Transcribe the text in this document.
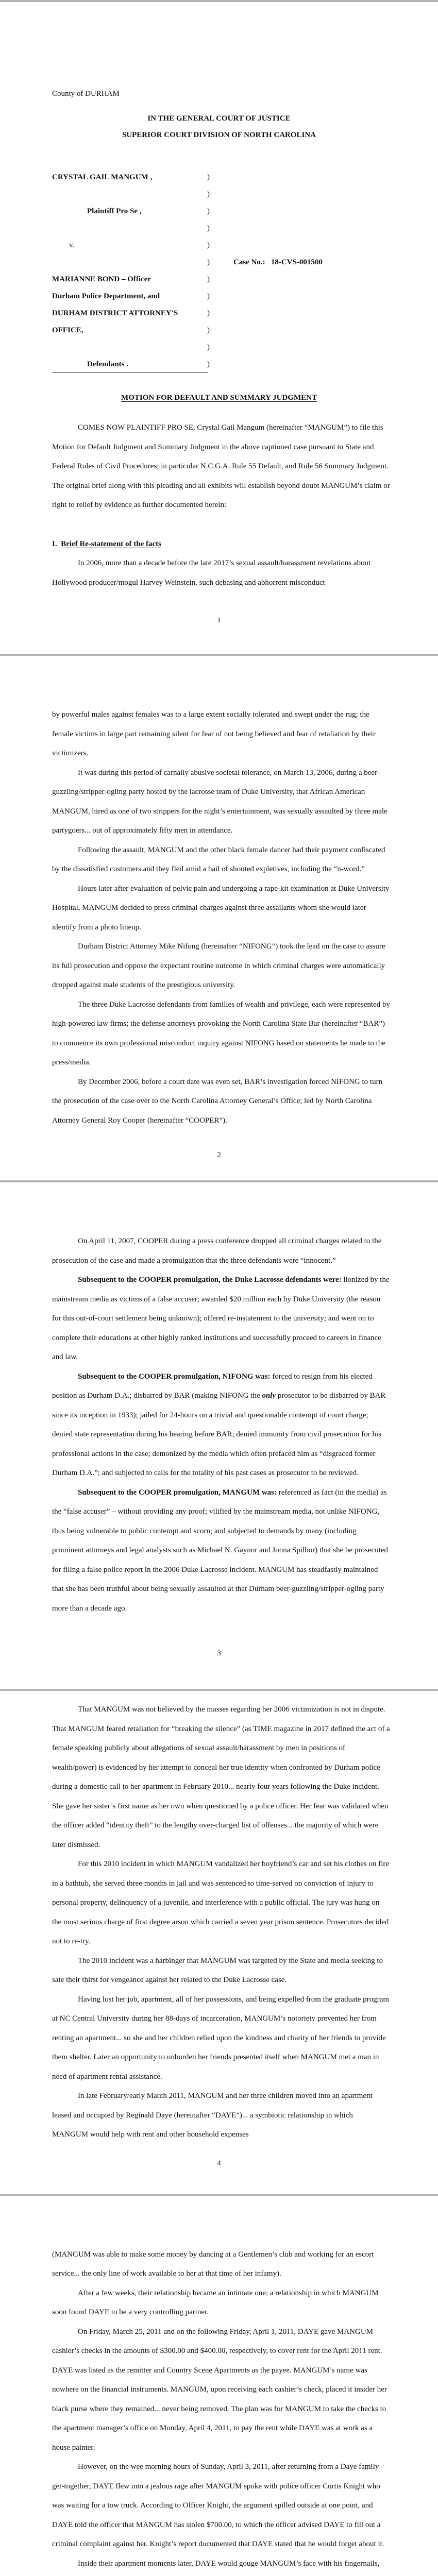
County of DURHAM
IN THE GENERAL COURT OF JUSTICE
SUPERIOR COURT DIVISION OF NORTH CAROLINA
CRYSTAL GAIL MANGUM ,
Plaintiff Pro Se ,
v.
MARIANNE BOND – Officer
Durham Police Department, and
DURHAM DISTRICT ATTORNEY'S
OFFICE,
Defendants .
)
)
)
)
)
)
)
)
)
)
)
)
Case No.: 18-CVS-001500
MOTION FOR DEFAULT AND SUMMARY JUDGMENT

COMES NOW PLAINTIFF PRO SE, Crystal Gail Mangum (hereinafter “MANGUM”) to file this Motion for Default Judgment and Summary Judgment in the above captioned case pursuant to State and Federal Rules of Civil Procedures; in particular N.C.G.A. Rule 55 Default, and Rule 56 Summary Judgment. The original brief along with this pleading and all exhibits will establish beyond doubt MANGUM’s claim or right to relief by evidence as further documented herein:

I. Brief Re-statement of the facts

In 2006, more than a decade before the late 2017’s sexual assault/harassment revelations about Hollywood producer/mogul Harvey Weinstein, such debasing and abhorrent misconduct

1

by powerful males against females was to a large extent socially tolerated and swept under the rug; the female victims in large part remaining silent for fear of not being believed and fear of retaliation by their victimizers.

It was during this period of carnally abusive societal tolerance, on March 13, 2006, during a beer-guzzling/stripper-ogling party hosted by the lacrosse team of Duke University, that African American MANGUM, hired as one of two strippers for the night’s entertainment, was sexually assaulted by three male partygoers... out of approximately fifty men in attendance.

Following the assault, MANGUM and the other black female dancer had their payment confiscated by the dissatisfied customers and they fled amid a hail of shouted expletives, including the “n-word.”

Hours later after evaluation of pelvic pain and undergoing a rape-kit examination at Duke University Hospital, MANGUM decided to press criminal charges against three assailants whom she would later identify from a photo lineup.

Durham District Attorney Mike Nifong (hereinafter “NIFONG”) took the lead on the case to assure its full prosecution and oppose the expectant routine outcome in which criminal charges were automatically dropped against male students of the prestigious university.

The three Duke Lacrosse defendants from families of wealth and privilege, each were represented by high-powered law firms; the defense attorneys provoking the North Carolina State Bar (hereinafter “BAR”) to commence its own professional misconduct inquiry against NIFONG based on statements he made to the press/media.

By December 2006, before a court date was even set, BAR’s investigation forced NIFONG to turn the prosecution of the case over to the North Carolina Attorney General’s Office; led by North Carolina Attorney General Roy Cooper (hereinafter “COOPER”).

2

On April 11, 2007, COOPER during a press conference dropped all criminal charges related to the prosecution of the case and made a promulgation that the three defendants were “innocent.”

Subsequent to the COOPER promulgation, the Duke Lacrosse defendants were: lionized by the mainstream media as victims of a false accuser; awarded $20 million each by Duke University (the reason for this out-of-court settlement being unknown); offered re-instatement to the university; and went on to complete their educations at other highly ranked institutions and successfully proceed to careers in finance and law.

Subsequent to the COOPER promulgation, NIFONG was: forced to resign from his elected position as Durham D.A.; disbarred by BAR (making NIFONG the only prosecutor to be disbarred by BAR since its inception in 1933); jailed for 24-hours on a trivial and questionable contempt of court charge; denied state representation during his hearing before BAR; denied immunity from civil prosecution for his professional actions in the case; demonized by the media which often prefaced him as “disgraced former Durham D.A.”; and subjected to calls for the totality of his past cases as prosecutor to be reviewed.

Subsequent to the COOPER promulgation, MANGUM was: referenced as fact (in the media) as the “false accuser” – without providing any proof; vilified by the mainstream media, not unlike NIFONG, thus being vulnerable to public contempt and scorn; and subjected to demands by many (including prominent attorneys and legal analysts such as Michael N. Gaynor and Jonna Spilbor) that she be prosecuted for filing a false police report in the 2006 Duke Lacrosse incident. MANGUM has steadfastly maintained that she has been truthful about being sexually assaulted at that Durham beer-guzzling/stripper-ogling party more than a decade ago.

3

That MANGUM was not believed by the masses regarding her 2006 victimization is not in dispute. That MANGUM feared retaliation for “breaking the silence” (as TIME magazine in 2017 defined the act of a female speaking publicly about allegations of sexual assault/harassment by men in positions of wealth/power) is evidenced by her attempt to conceal her true identity when confronted by Durham police during a domestic call to her apartment in February 2010... nearly four years following the Duke incident. She gave her sister’s first name as her own when questioned by a police officer. Her fear was validated when the officer added “identity theft” to the lengthy over-charged list of offenses... the majority of which were later dismissed.

For this 2010 incident in which MANGUM vandalized her boyfriend’s car and set his clothes on fire in a bathtub, she served three months in jail and was sentenced to time-served on conviction of injury to personal property, delinquency of a juvenile, and interference with a public official. The jury was hung on the most serious charge of first degree arson which carried a seven year prison sentence. Prosecutors decided not to re-try.

The 2010 incident was a harbinger that MANGUM was targeted by the State and media seeking to sate their thirst for vengeance against her related to the Duke Lacrosse case.

Having lost her job, apartment, all of her possessions, and being expelled from the graduate program at NC Central University during her 88-days of incarceration, MANGUM’s notoriety prevented her from renting an apartment... so she and her children relied upon the kindness and charity of her friends to provide them shelter. Later an opportunity to unburden her friends presented itself when MANGUM met a man in need of apartment rental assistance.

In late February/early March 2011, MANGUM and her three children moved into an apartment leased and occupied by Reginald Daye (hereinafter “DAYE”)... a symbiotic relationship in which MANGUM would help with rent and other household expenses

4

(MANGUM was able to make some money by dancing at a Gentlemen’s club and working for an escort service... the only line of work available to her at that time of her infamy).

After a few weeks, their relationship became an intimate one; a relationship in which MANGUM soon found DAYE to be a very controlling partner.

On Friday, March 25, 2011 and on the following Friday, April 1, 2011, DAYE gave MANGUM cashier’s checks in the amounts of $300.00 and $400.00, respectively, to cover rent for the April 2011 rent. DAYE was listed as the remitter and Country Scene Apartments as the payee. MANGUM’s name was nowhere on the financial instruments. MANGUM, upon receiving each cashier’s check, placed it insider her black purse where they remained... never being removed. The plan was for MANGUM to take the checks to the apartment manager’s office on Monday, April 4, 2011, to pay the rent while DAYE was at work as a house painter.

However, on the wee morning hours of Sunday, April 3, 2011, after returning from a Daye family get-together, DAYE flew into a jealous rage after MANGUM spoke with police officer Curtis Knight who was waiting for a tow truck. According to Officer Knight, the argument spilled outside at one point, and DAYE told the officer that MANGUM has stolen $700.00, to which the officer advised DAYE to fill out a criminal complaint against her. Knight’s report documented that DAYE stated that he would forget about it.

Inside their apartment moments later, DAYE would gouge MANGUM’s face with his fingernails,
